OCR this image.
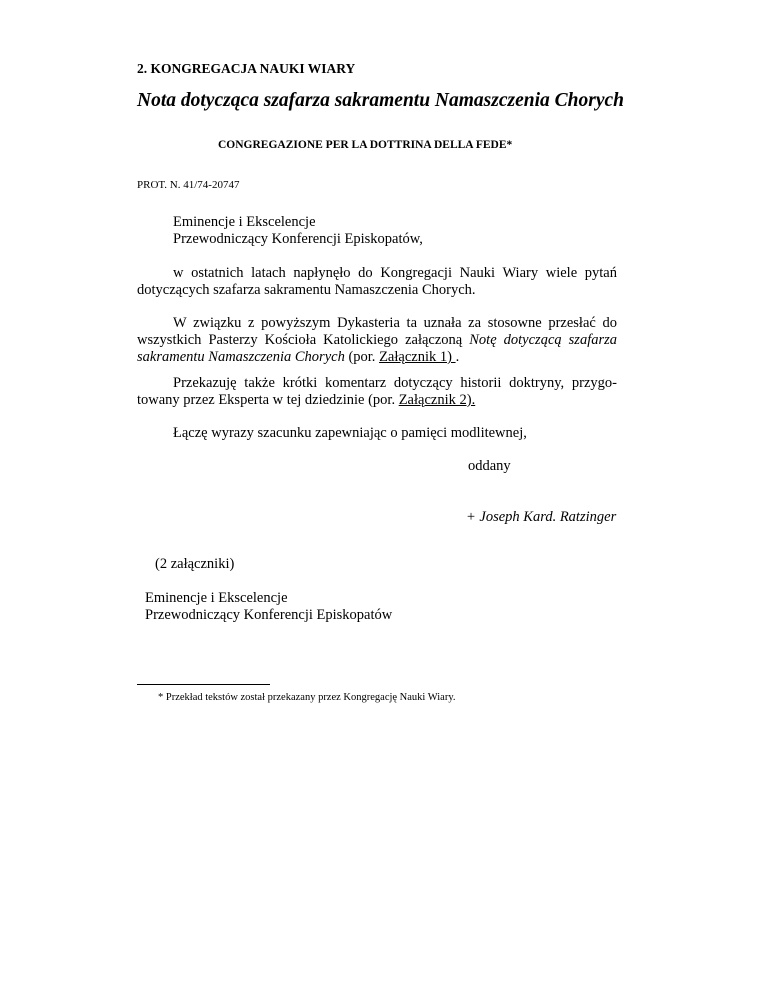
2. KONGREGACJA NAUKI WIARY
Nota dotycząca szafarza sakramentu Namaszczenia Chorych
CONGREGAZIONE PER LA DOTTRINA DELLA FEDE*
PROT. N. 41/74-20747
Eminencje i Ekscelencje
Przewodniczący Konferencji Episkopatów,
w ostatnich latach napłynęło do Kongregacji Nauki Wiary wiele pytań dotyczących szafarza sakramentu Namaszczenia Chorych.
W związku z powyższym Dykasteria ta uznała za stosowne przesłać do wszystkich Pasterzy Kościoła Katolickiego załączoną Notę dotyczącą szafarza sakramentu Namaszczenia Chorych (por. Załącznik 1) .
Przekazuję także krótki komentarz dotyczący historii doktryny, przygo- towany przez Eksperta w tej dziedzinie (por. Załącznik 2).
Łączę wyrazy szacunku zapewniając o pamięci modlitewnej,
oddany
+ Joseph Kard. Ratzinger
(2 załączniki)
Eminencje i Ekscelencje
Przewodniczący Konferencji Episkopatów
* Przekład tekstów został przekazany przez Kongregację Nauki Wiary.
